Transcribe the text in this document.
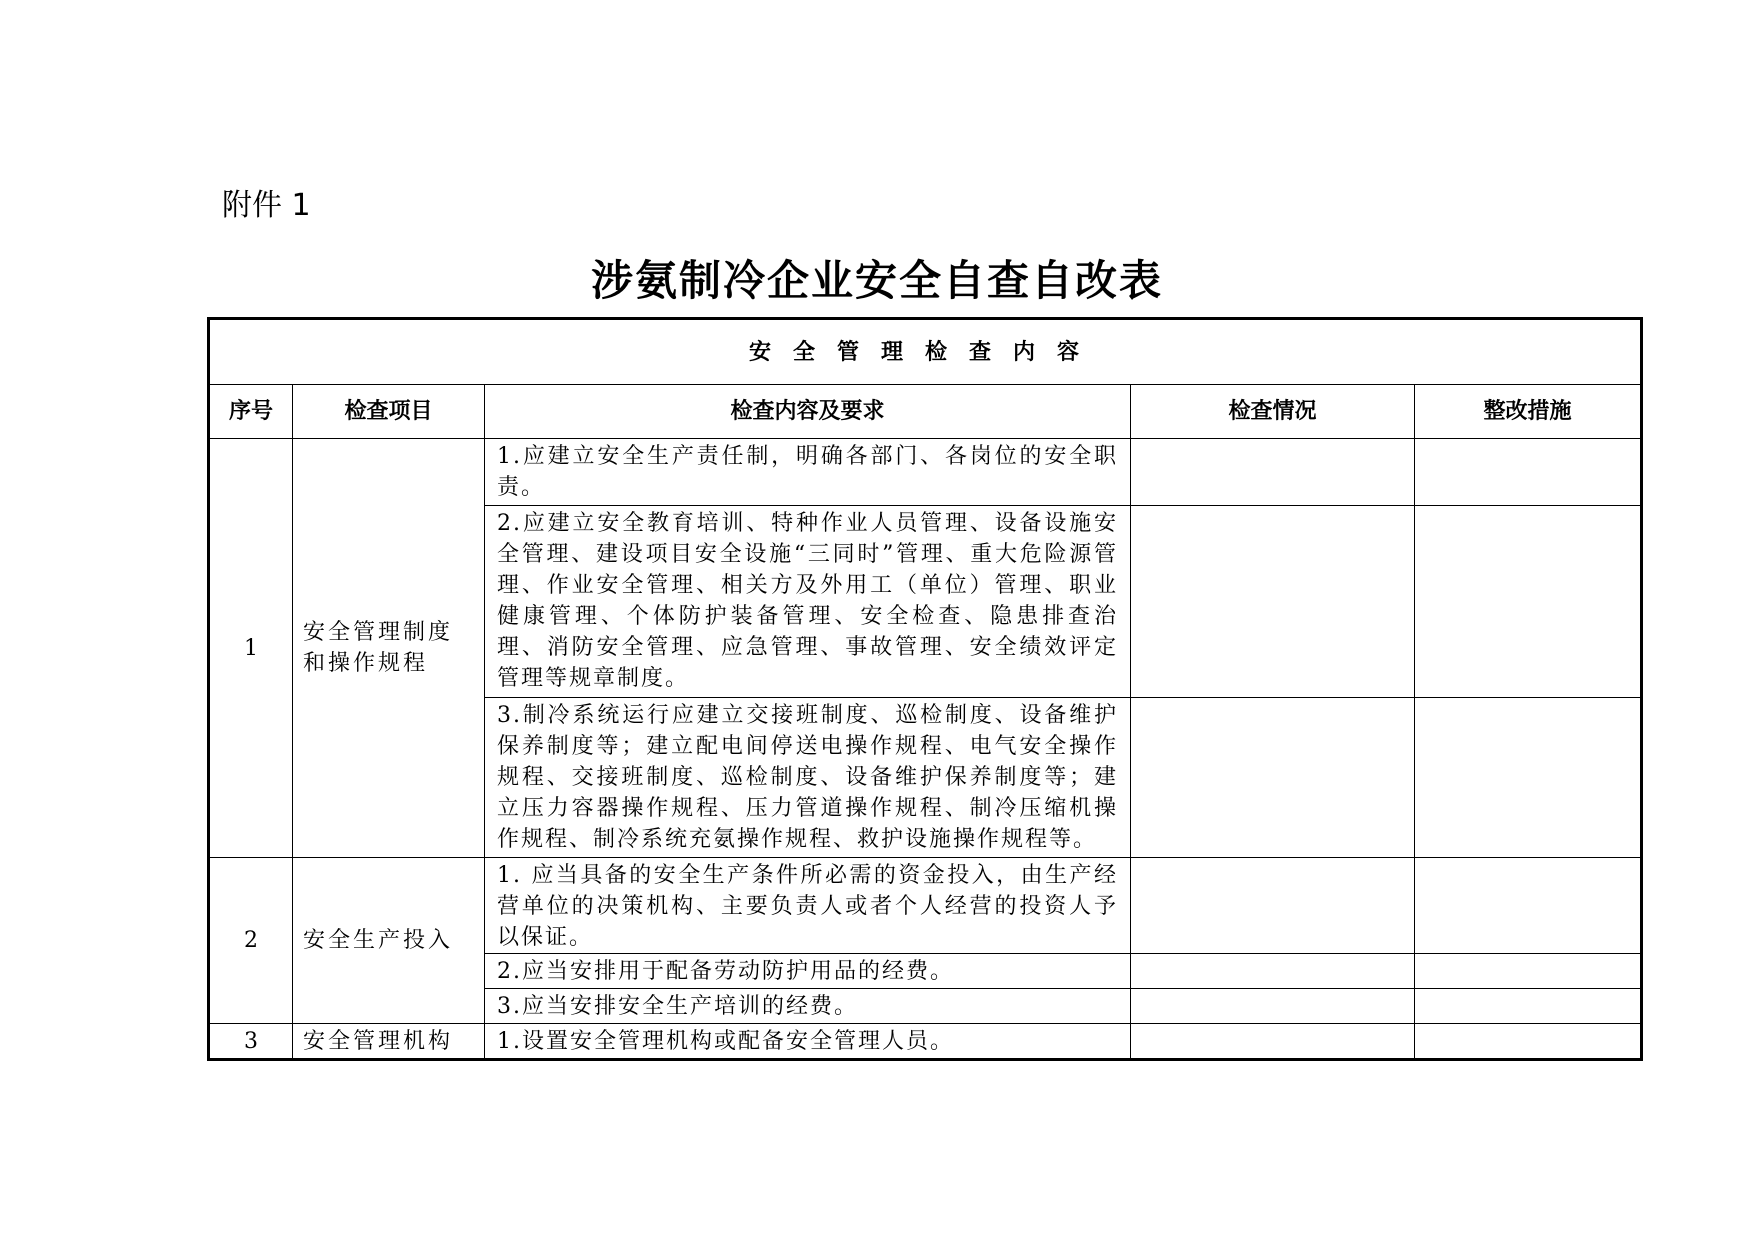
附件 1
涉氨制冷企业安全自查自改表
安全管理检查内容				
序号	检查项目	检查内容及要求	检查情况	整改措施
1	安全管理制度和操作规程	1.应建立安全生产责任制，明确各部门、各岗位的安全职责。		
		2.应建立安全教育培训、特种作业人员管理、设备设施安全管理、建设项目安全设施“三同时”管理、重大危险源管理、作业安全管理、相关方及外用工（单位）管理、职业健康管理、个体防护装备管理、安全检查、隐患排查治理、消防安全管理、应急管理、事故管理、安全绩效评定管理等规章制度。		
		3.制冷系统运行应建立交接班制度、巡检制度、设备维护保养制度等；建立配电间停送电操作规程、电气安全操作规程、交接班制度、巡检制度、设备维护保养制度等；建立压力容器操作规程、压力管道操作规程、制冷压缩机操作规程、制冷系统充氨操作规程、救护设施操作规程等。		
2	安全生产投入	1. 应当具备的安全生产条件所必需的资金投入，由生产经营单位的决策机构、主要负责人或者个人经营的投资人予以保证。		
		2.应当安排用于配备劳动防护用品的经费。		
		3.应当安排安全生产培训的经费。		
3	安全管理机构	1.设置安全管理机构或配备安全管理人员。		
